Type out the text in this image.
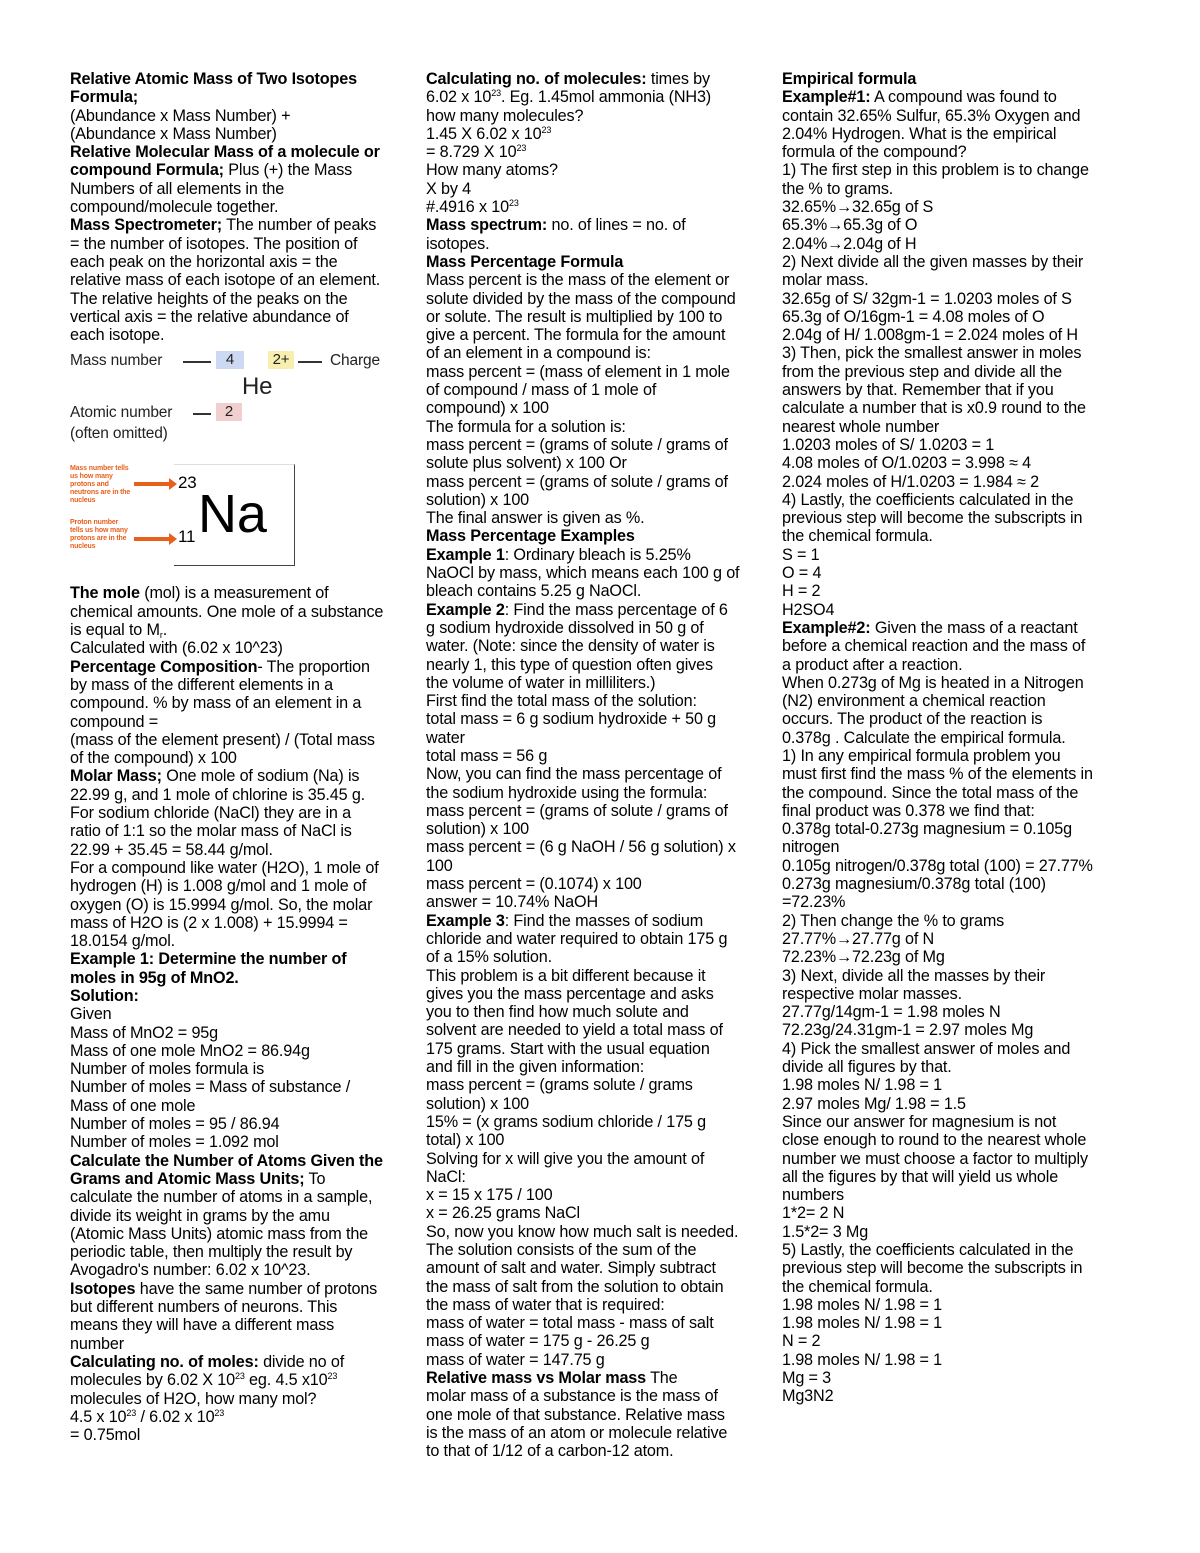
Relative Atomic Mass of Two Isotopes
Formula;
(Abundance x Mass Number) +
(Abundance x Mass Number)
Relative Molecular Mass of a molecule or
compound Formula; Plus (+) the Mass
Numbers of all elements in the
compound/molecule together.
Mass Spectrometer; The number of peaks
= the number of isotopes. The position of
each peak on the horizontal axis = the
relative mass of each isotope of an element.
The relative heights of the peaks on the
vertical axis = the relative abundance of
each isotope.
Mass number	4	2+	Charge
He
Atomic number	2
(often omitted)
Mass number tells us how many protons and neutrons are in the nucleus
23
Proton number tells us how many protons are in the nucleus
11 Na
The mole (mol) is a measurement of
chemical amounts. One mole of a substance
is equal to $M_r$.
Calculated with (6.02 x 10^23)
Percentage Composition- The proportion
by mass of the different elements in a
compound. % by mass of an element in a
compound =
(mass of the element present) / (Total mass
of the compound) x 100
Molar Mass; One mole of sodium (Na) is
22.99 g, and 1 mole of chlorine is 35.45 g.
For sodium chloride (NaCl) they are in a
ratio of 1:1 so the molar mass of NaCl is
22.99 + 35.45 = 58.44 g/mol.
For a compound like water (H2O), 1 mole of
hydrogen (H) is 1.008 g/mol and 1 mole of
oxygen (O) is 15.9994 g/mol. So, the molar
mass of H2O is (2 x 1.008) + 15.9994 =
18.0154 g/mol.
Example 1: Determine the number of
moles in 95g of MnO2.
Solution:
Given
Mass of MnO2 = 95g
Mass of one mole MnO2 = 86.94g
Number of moles formula is
Number of moles = Mass of substance /
Mass of one mole
Number of moles = 95 / 86.94
Number of moles = 1.092 mol
Calculate the Number of Atoms Given the
Grams and Atomic Mass Units; To
calculate the number of atoms in a sample,
divide its weight in grams by the amu
(Atomic Mass Units) atomic mass from the
periodic table, then multiply the result by
Avogadro's number: 6.02 x 10^23.
Isotopes have the same number of protons
but different numbers of neurons. This
means they will have a different mass
number
Calculating no. of moles: divide no of
molecules by 6.02 X $10^{23}$ eg. 4.5 $x10^{23}$
molecules of H2O, how many mol?
4.5 x $10^{23} / 6.02$ x $10^{23}$
= 0.75mol
Calculating no. of molecules: times by
6.02 x $10^{23}$. Eg. 1.45mol ammonia (NH3)
how many molecules?
1.45 X 6.02 x $10^{23}$
= 8.729 X $10^{23}$
How many atoms?
X by 4
#.4916 x $10^{23}$
Mass spectrum: no. of lines = no. of
isotopes.
Mass Percentage Formula
Mass percent is the mass of the element or
solute divided by the mass of the compound
or solute. The result is multiplied by 100 to
give a percent. The formula for the amount
of an element in a compound is:
mass percent = (mass of element in 1 mole
of compound / mass of 1 mole of
compound) x 100
The formula for a solution is:
mass percent = (grams of solute / grams of
solute plus solvent) x 100 Or
mass percent = (grams of solute / grams of
solution) x 100
The final answer is given as %.
Mass Percentage Examples
Example 1: Ordinary bleach is 5.25%
NaOCl by mass, which means each 100 g of
bleach contains 5.25 g NaOCl.
Example 2: Find the mass percentage of 6
g sodium hydroxide dissolved in 50 g of
water. (Note: since the density of water is
nearly 1, this type of question often gives
the volume of water in milliliters.)
First find the total mass of the solution:
total mass = 6 g sodium hydroxide + 50 g
water
total mass = 56 g
Now, you can find the mass percentage of
the sodium hydroxide using the formula:
mass percent = (grams of solute / grams of
solution) x 100
mass percent = (6 g NaOH / 56 g solution) x
100
mass percent = (0.1074) x 100
answer = 10.74% NaOH
Example 3: Find the masses of sodium
chloride and water required to obtain 175 g
of a 15% solution.
This problem is a bit different because it
gives you the mass percentage and asks
you to then find how much solute and
solvent are needed to yield a total mass of
175 grams. Start with the usual equation
and fill in the given information:
mass percent = (grams solute / grams
solution) x 100
15% = (x grams sodium chloride / 175 g
total) x 100
Solving for x will give you the amount of
NaCl:
x = 15 x 175 / 100
x = 26.25 grams NaCl
So, now you know how much salt is needed.
The solution consists of the sum of the
amount of salt and water. Simply subtract
the mass of salt from the solution to obtain
the mass of water that is required:
mass of water = total mass - mass of salt
mass of water = 175 g - 26.25 g
mass of water = 147.75 g
Relative mass vs Molar mass The
molar mass of a substance is the mass of
one mole of that substance. Relative mass
is the mass of an atom or molecule relative
to that of 1/12 of a carbon-12 atom.
Empirical formula
Example#1: A compound was found to
contain 32.65% Sulfur, 65.3% Oxygen and
2.04% Hydrogen. What is the empirical
formula of the compound?
1) The first step in this problem is to change
the % to grams.
32.65%→32.65g of S
65.3%→65.3g of O
2.04%→2.04g of H
2) Next divide all the given masses by their
molar mass.
32.65g of S/ 32gm-1 = 1.0203 moles of S
65.3g of O/16gm-1 = 4.08 moles of O
2.04g of H/ 1.008gm-1 = 2.024 moles of H
3) Then, pick the smallest answer in moles
from the previous step and divide all the
answers by that. Remember that if you
calculate a number that is x0.9 round to the
nearest whole number
1.0203 moles of S/ 1.0203 = 1
4.08 moles of O/1.0203 = 3.998 ≈ 4
2.024 moles of H/1.0203 = 1.984 ≈ 2
4) Lastly, the coefficients calculated in the
previous step will become the subscripts in
the chemical formula.
S = 1
O = 4
H = 2
H2SO4
Example#2: Given the mass of a reactant
before a chemical reaction and the mass of
a product after a reaction.
When 0.273g of Mg is heated in a Nitrogen
(N2) environment a chemical reaction
occurs. The product of the reaction is
0.378g . Calculate the empirical formula.
1) In any empirical formula problem you
must first find the mass % of the elements in
the compound. Since the total mass of the
final product was 0.378 we find that:
0.378g total-0.273g magnesium = 0.105g
nitrogen
0.105g nitrogen/0.378g total (100) = 27.77%
0.273g magnesium/0.378g total (100)
=72.23%
2) Then change the % to grams
27.77%→27.77g of N
72.23%→72.23g of Mg
3) Next, divide all the masses by their
respective molar masses.
27.77g/14gm-1 = 1.98 moles N
72.23g/24.31gm-1 = 2.97 moles Mg
4) Pick the smallest answer of moles and
divide all figures by that.
1.98 moles N/ 1.98 = 1
2.97 moles Mg/ 1.98 = 1.5
Since our answer for magnesium is not
close enough to round to the nearest whole
number we must choose a factor to multiply
all the figures by that will yield us whole
numbers
1*2= 2 N
1.5*2= 3 Mg
5) Lastly, the coefficients calculated in the
previous step will become the subscripts in
the chemical formula.
1.98 moles N/ 1.98 = 1
1.98 moles N/ 1.98 = 1
N = 2
1.98 moles N/ 1.98 = 1
Mg = 3
Mg3N2
